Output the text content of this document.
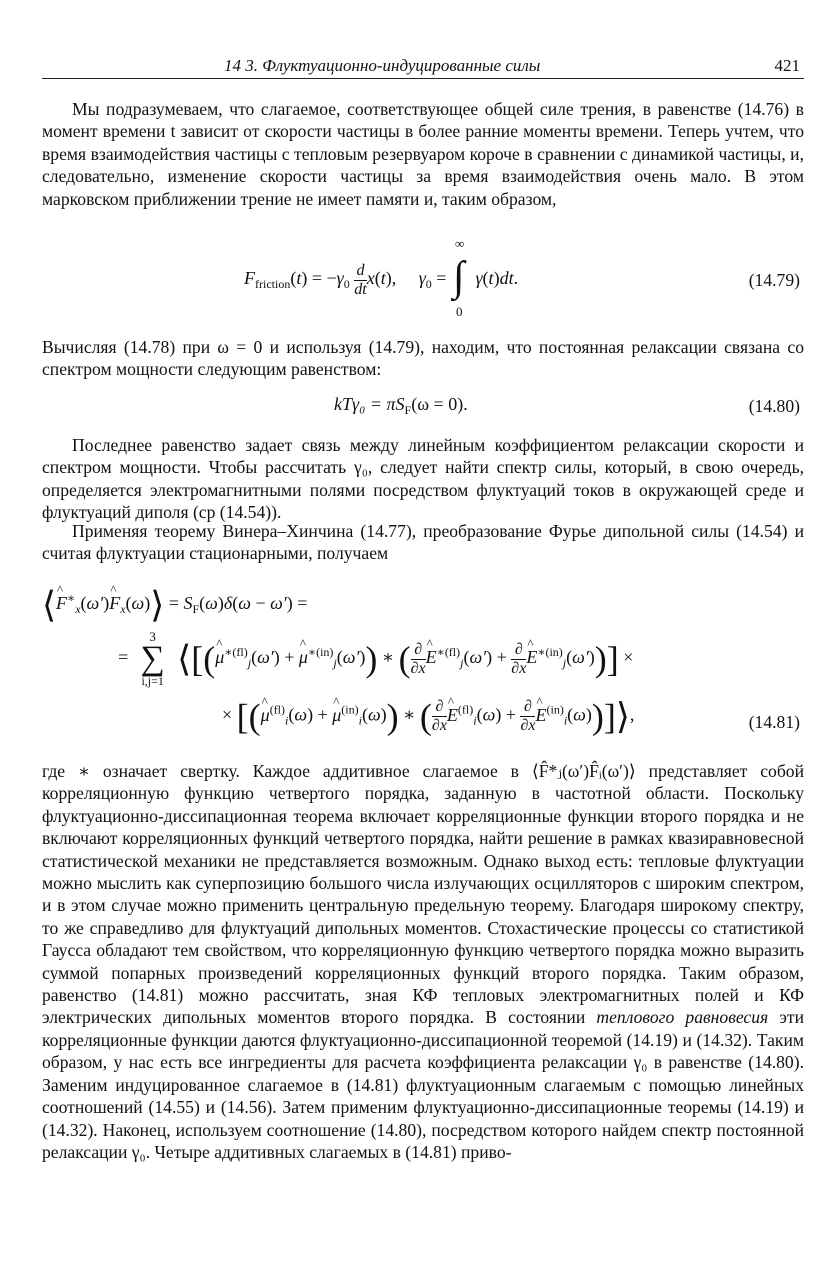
14 3. Флуктуационно-индуцированные силы	421

Мы подразумеваем, что слагаемое, соответствующее общей силе трения, в равенстве (14.76) в момент времени t зависит от скорости частицы в более ранние моменты времени. Теперь учтем, что время взаимодействия частицы с тепловым резервуаром короче в сравнении с динамикой частицы, и, следовательно, изменение скорости частицы за время взаимодействия очень мало. В этом марковском приближении трение не имеет памяти и, таким образом,

$F_{friction}(t) = -\gamma_0 \frac{d}{dt} x(t)$,     $\gamma_0$ =
∞
∫
0
γ(t)dt.	(14.79)

Вычисляя (14.78) при ω = 0 и используя (14.79), находим, что постоянная релаксации связана со спектром мощности следующим равенством:

$kT\gamma_0 = \pi S_F(\omega = 0)$.	(14.80)

Последнее равенство задает связь между линейным коэффициентом релаксации скорости и спектром мощности. Чтобы рассчитать γ₀, следует найти спектр силы, который, в свою очередь, определяется электромагнитными полями посредством флуктуаций токов в окружающей среде и флуктуаций диполя (ср (14.54)).

Применяя теорему Винера–Хинчина (14.77), преобразование Фурье дипольной силы (14.54) и считая флуктуации стационарными, получаем

⟨^ $F^∗_x(\omega')\^{}$ $F_x(\omega)⟩ = S_F(\omega)\delta(\omega - \omega')$ =
=
3
∑
i,j=1
⟨[(^ $\mu^{∗(fl)}_j(\omega')$ + ^ $\mu^{∗(in)}_j(\omega')$) ∗ ( $\frac{\partial}{\partial x}$ ^ $E^{∗(fl)}_j(\omega') + \frac{\partial}{\partial x}$ ^ $E^{∗(in)}_j(\omega')$)] ×
× [(^ $\mu^{(fl)}_i(\omega)$ + ^ $\mu^{(in)}_i(\omega)$) ∗ ( $\frac{\partial}{\partial x}$ ^ $E^{(fl)}_i(\omega) + \frac{\partial}{\partial x}$ ^ $E^{(in)}_i(\omega))]⟩$,	(14.81)

где ∗ означает свертку. Каждое аддитивное слагаемое в ⟨F̂*ⱼ(ω′)F̂ᵢ(ω′)⟩ представляет собой корреляционную функцию четвертого порядка, заданную в частотной области. Поскольку флуктуационно-диссипационная теорема включает корреляционные функции второго порядка и не включают корреляционных функций четвертого порядка, найти решение в рамках квазиравновесной статистической механики не представляется возможным. Однако выход есть: тепловые флуктуации можно мыслить как суперпозицию большого числа излучающих осцилляторов с широким спектром, и в этом случае можно применить центральную предельную теорему. Благодаря широкому спектру, то же справедливо для флуктуаций дипольных моментов. Стохастические процессы со статистикой Гаусса обладают тем свойством, что корреляционную функцию четвертого порядка можно выразить суммой попарных произведений корреляционных функций второго порядка. Таким образом, равенство (14.81) можно рассчитать, зная КФ тепловых электромагнитных полей и КФ электрических дипольных моментов второго порядка. В состоянии теплового равновесия эти корреляционные функции даются флуктуационно-диссипационной теоремой (14.19) и (14.32). Таким образом, у нас есть все ингредиенты для расчета коэффициента релаксации γ₀ в равенстве (14.80). Заменим индуцированное слагаемое в (14.81) флуктуационным слагаемым с помощью линейных соотношений (14.55) и (14.56). Затем применим флуктуационно-диссипационные теоремы (14.19) и (14.32). Наконец, используем соотношение (14.80), посредством которого найдем спектр постоянной релаксации γ₀. Четыре аддитивных слагаемых в (14.81) приво-
